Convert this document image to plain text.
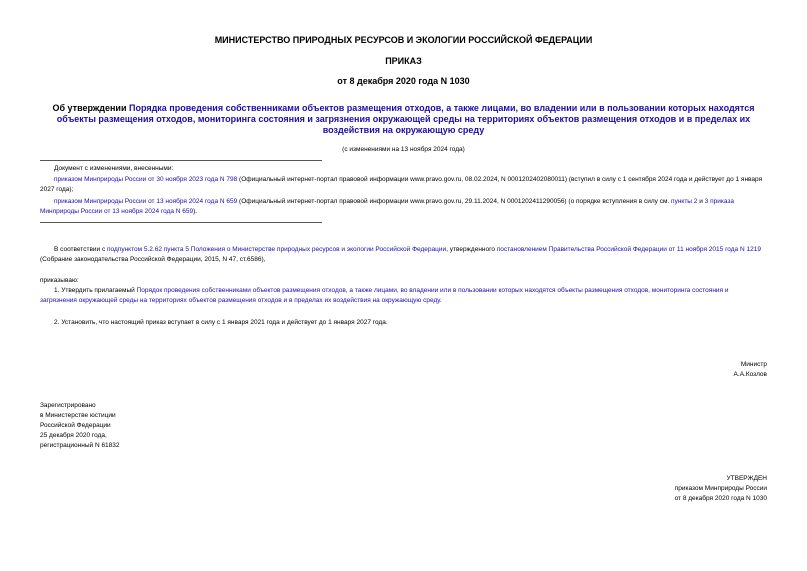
МИНИСТЕРСТВО ПРИРОДНЫХ РЕСУРСОВ И ЭКОЛОГИИ РОССИЙСКОЙ ФЕДЕРАЦИИ
ПРИКАЗ
от 8 декабря 2020 года N 1030
Об утверждении Порядка проведения собственниками объектов размещения отходов, а также лицами, во владении или в пользовании которых находятся объекты размещения отходов, мониторинга состояния и загрязнения окружающей среды на территориях объектов размещения отходов и в пределах их воздействия на окружающую среду
(с изменениями на 13 ноября 2024 года)
Документ с изменениями, внесенными:
приказом Минприроды России от 30 ноября 2023 года N 798 (Официальный интернет-портал правовой информации www.pravo.gov.ru, 08.02.2024, N 0001202402080011) (вступил в силу с 1 сентября 2024 года и действует до 1 января 2027 года);
приказом Минприроды России от 13 ноября 2024 года N 659 (Официальный интернет-портал правовой информации www.pravo.gov.ru, 29.11.2024, N 0001202411290056) (о порядке вступления в силу см. пункты 2 и 3 приказа Минприроды России от 13 ноября 2024 года N 659).
В соответствии с подпунктом 5.2.62 пункта 5 Положения о Министерстве природных ресурсов и экологии Российской Федерации, утвержденного постановлением Правительства Российской Федерации от 11 ноября 2015 года N 1219 (Собрание законодательства Российской Федерации, 2015, N 47, ст.6586),
приказываю:
1. Утвердить прилагаемый Порядок проведения собственниками объектов размещения отходов, а также лицами, во владении или в пользовании которых находятся объекты размещения отходов, мониторинга состояния и загрязнения окружающей среды на территориях объектов размещения отходов и в пределах их воздействия на окружающую среду.
2. Установить, что настоящий приказ вступает в силу с 1 января 2021 года и действует до 1 января 2027 года.
Министр
А.А.Козлов
Зарегистрировано
в Министерстве юстиции
Российской Федерации
25 декабря 2020 года,
регистрационный N 61832
УТВЕРЖДЕН
приказом Минприроды России
от 8 декабря 2020 года N 1030
